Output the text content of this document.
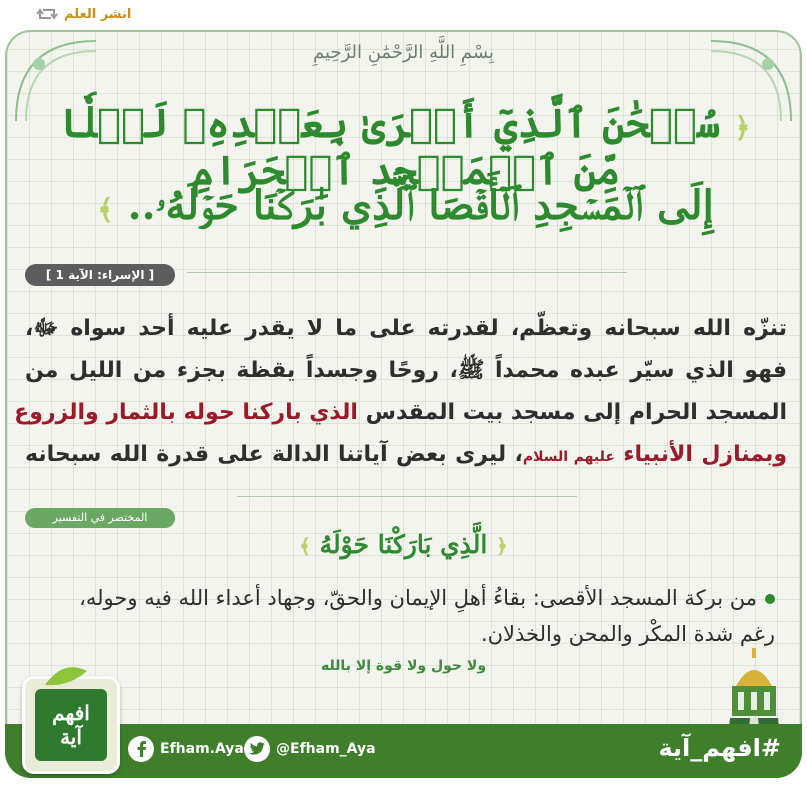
انشر العلم
بِسْمِ اللَّهِ الرَّحْمَٰنِ الرَّحِيمِ
﴿ سُبۡحَٰنَ ٱلَّذِيٓ أَسۡرَىٰ بِعَبۡدِهِۦ لَيۡلٗا مِّنَ ٱلۡمَسۡجِدِ ٱلۡحَرَامِ
إِلَى ٱلۡمَسۡجِدِ ٱلۡأَقۡصَا ٱلَّذِي بَٰرَكۡنَا حَوۡلَهُۥ.. ﴾
[ الإسراء: الآية 1 ]
تنزّه الله سبحانه وتعظّم، لقدرته على ما لا يقدر عليه أحد سواه ﷻ،
فهو الذي سيّر عبده محمداً ﷺ، روحًا وجسداً يقظة بجزء من الليل من
المسجد الحرام إلى مسجد بيت المقدس الذي باركنا حوله بالثمار والزروع
وبمنازل الأنبياء عليهم السلام، ليرى بعض آياتنا الدالة على قدرة الله سبحانه
المختصر في التفسير
﴿ الَّذِي بَارَكْنَا حَوْلَهُ ﴾
من بركة المسجد الأقصى: بقاءُ أهلِ الإيمان والحقّ، وجهاد أعداء الله فيه وحوله، رغم شدة المكْر والمحن والخذلان.
ولا حول ولا قوة إلا بالله
افهم
آية	Efham.Aya @Efham_Aya	#افهم_آية
